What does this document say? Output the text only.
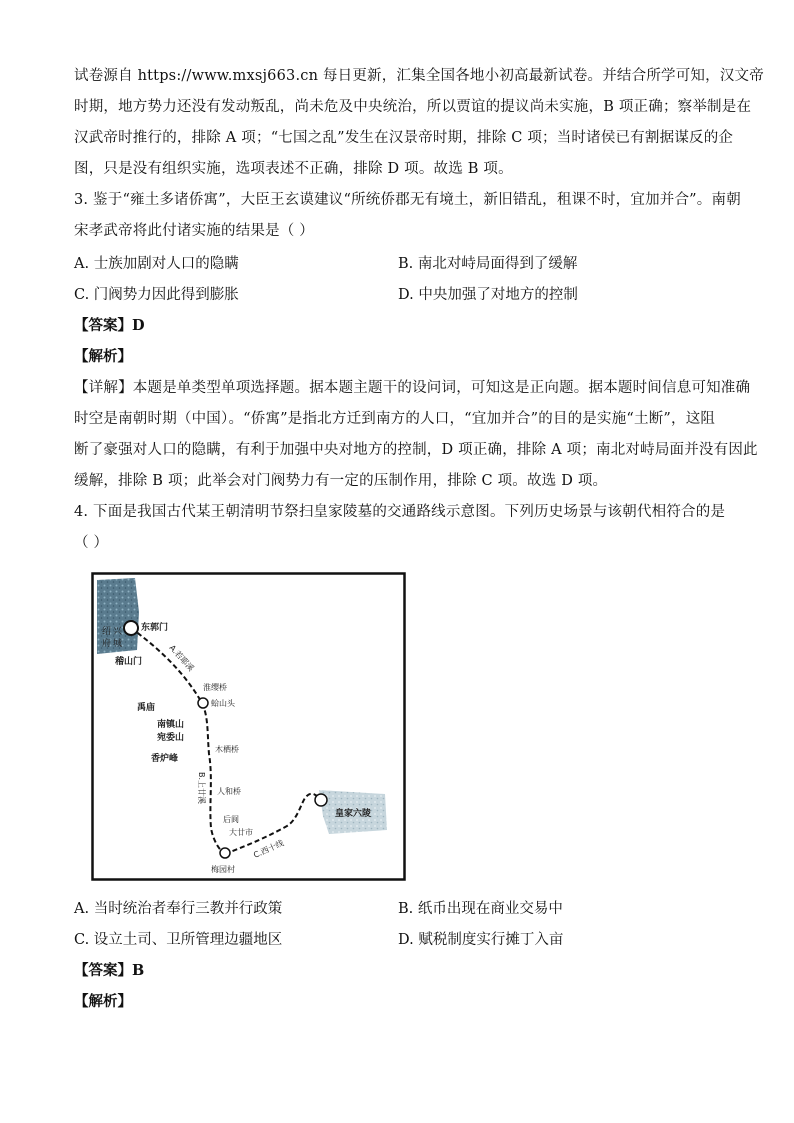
试卷源自 https://www.mxsj663.cn 每日更新，汇集全国各地小初高最新试卷。并结合所学可知，汉文帝
时期，地方势力还没有发动叛乱，尚未危及中央统治，所以贾谊的提议尚未实施，B 项正确；察举制是在
汉武帝时推行的，排除 A 项；“七国之乱”发生在汉景帝时期，排除 C 项；当时诸侯已有割据谋反的企
图，只是没有组织实施，选项表述不正确，排除 D 项。故选 B 项。
3. 鉴于“雍土多诸侨寓”，大臣王玄谟建议“所统侨郡无有境土，新旧错乱，租课不时，宜加并合”。南朝
宋孝武帝将此付诸实施的结果是（ ）
A. 士族加剧对人口的隐瞒	B. 南北对峙局面得到了缓解
C. 门阀势力因此得到膨胀	D. 中央加强了对地方的控制
【答案】D
【解析】
【详解】本题是单类型单项选择题。据本题主题干的设问词，可知这是正向题。据本题时间信息可知准确
时空是南朝时期（中国）。“侨寓”是指北方迁到南方的人口，“宜加并合”的目的是实施“土断”，这阻
断了豪强对人口的隐瞒，有利于加强中央对地方的控制，D 项正确，排除 A 项；南北对峙局面并没有因此
缓解，排除 B 项；此举会对门阀势力有一定的压制作用，排除 C 项。故选 D 项。
4. 下面是我国古代某王朝清明节祭扫皇家陵墓的交通路线示意图。下列历史场景与该朝代相符合的是
（ ）
绍 兴
府 城
东郭门
稽山门
禹庙
南镇山
宛委山
香炉峰
淮缨桥
蛤山头
木栖桥
人和桥
后阆
大廿市
梅园村
皇家六陵
A.若耶溪
B.上廿溪
C.西十线
A. 当时统治者奉行三教并行政策	B. 纸币出现在商业交易中
C. 设立土司、卫所管理边疆地区	D. 赋税制度实行摊丁入亩
【答案】B
【解析】
